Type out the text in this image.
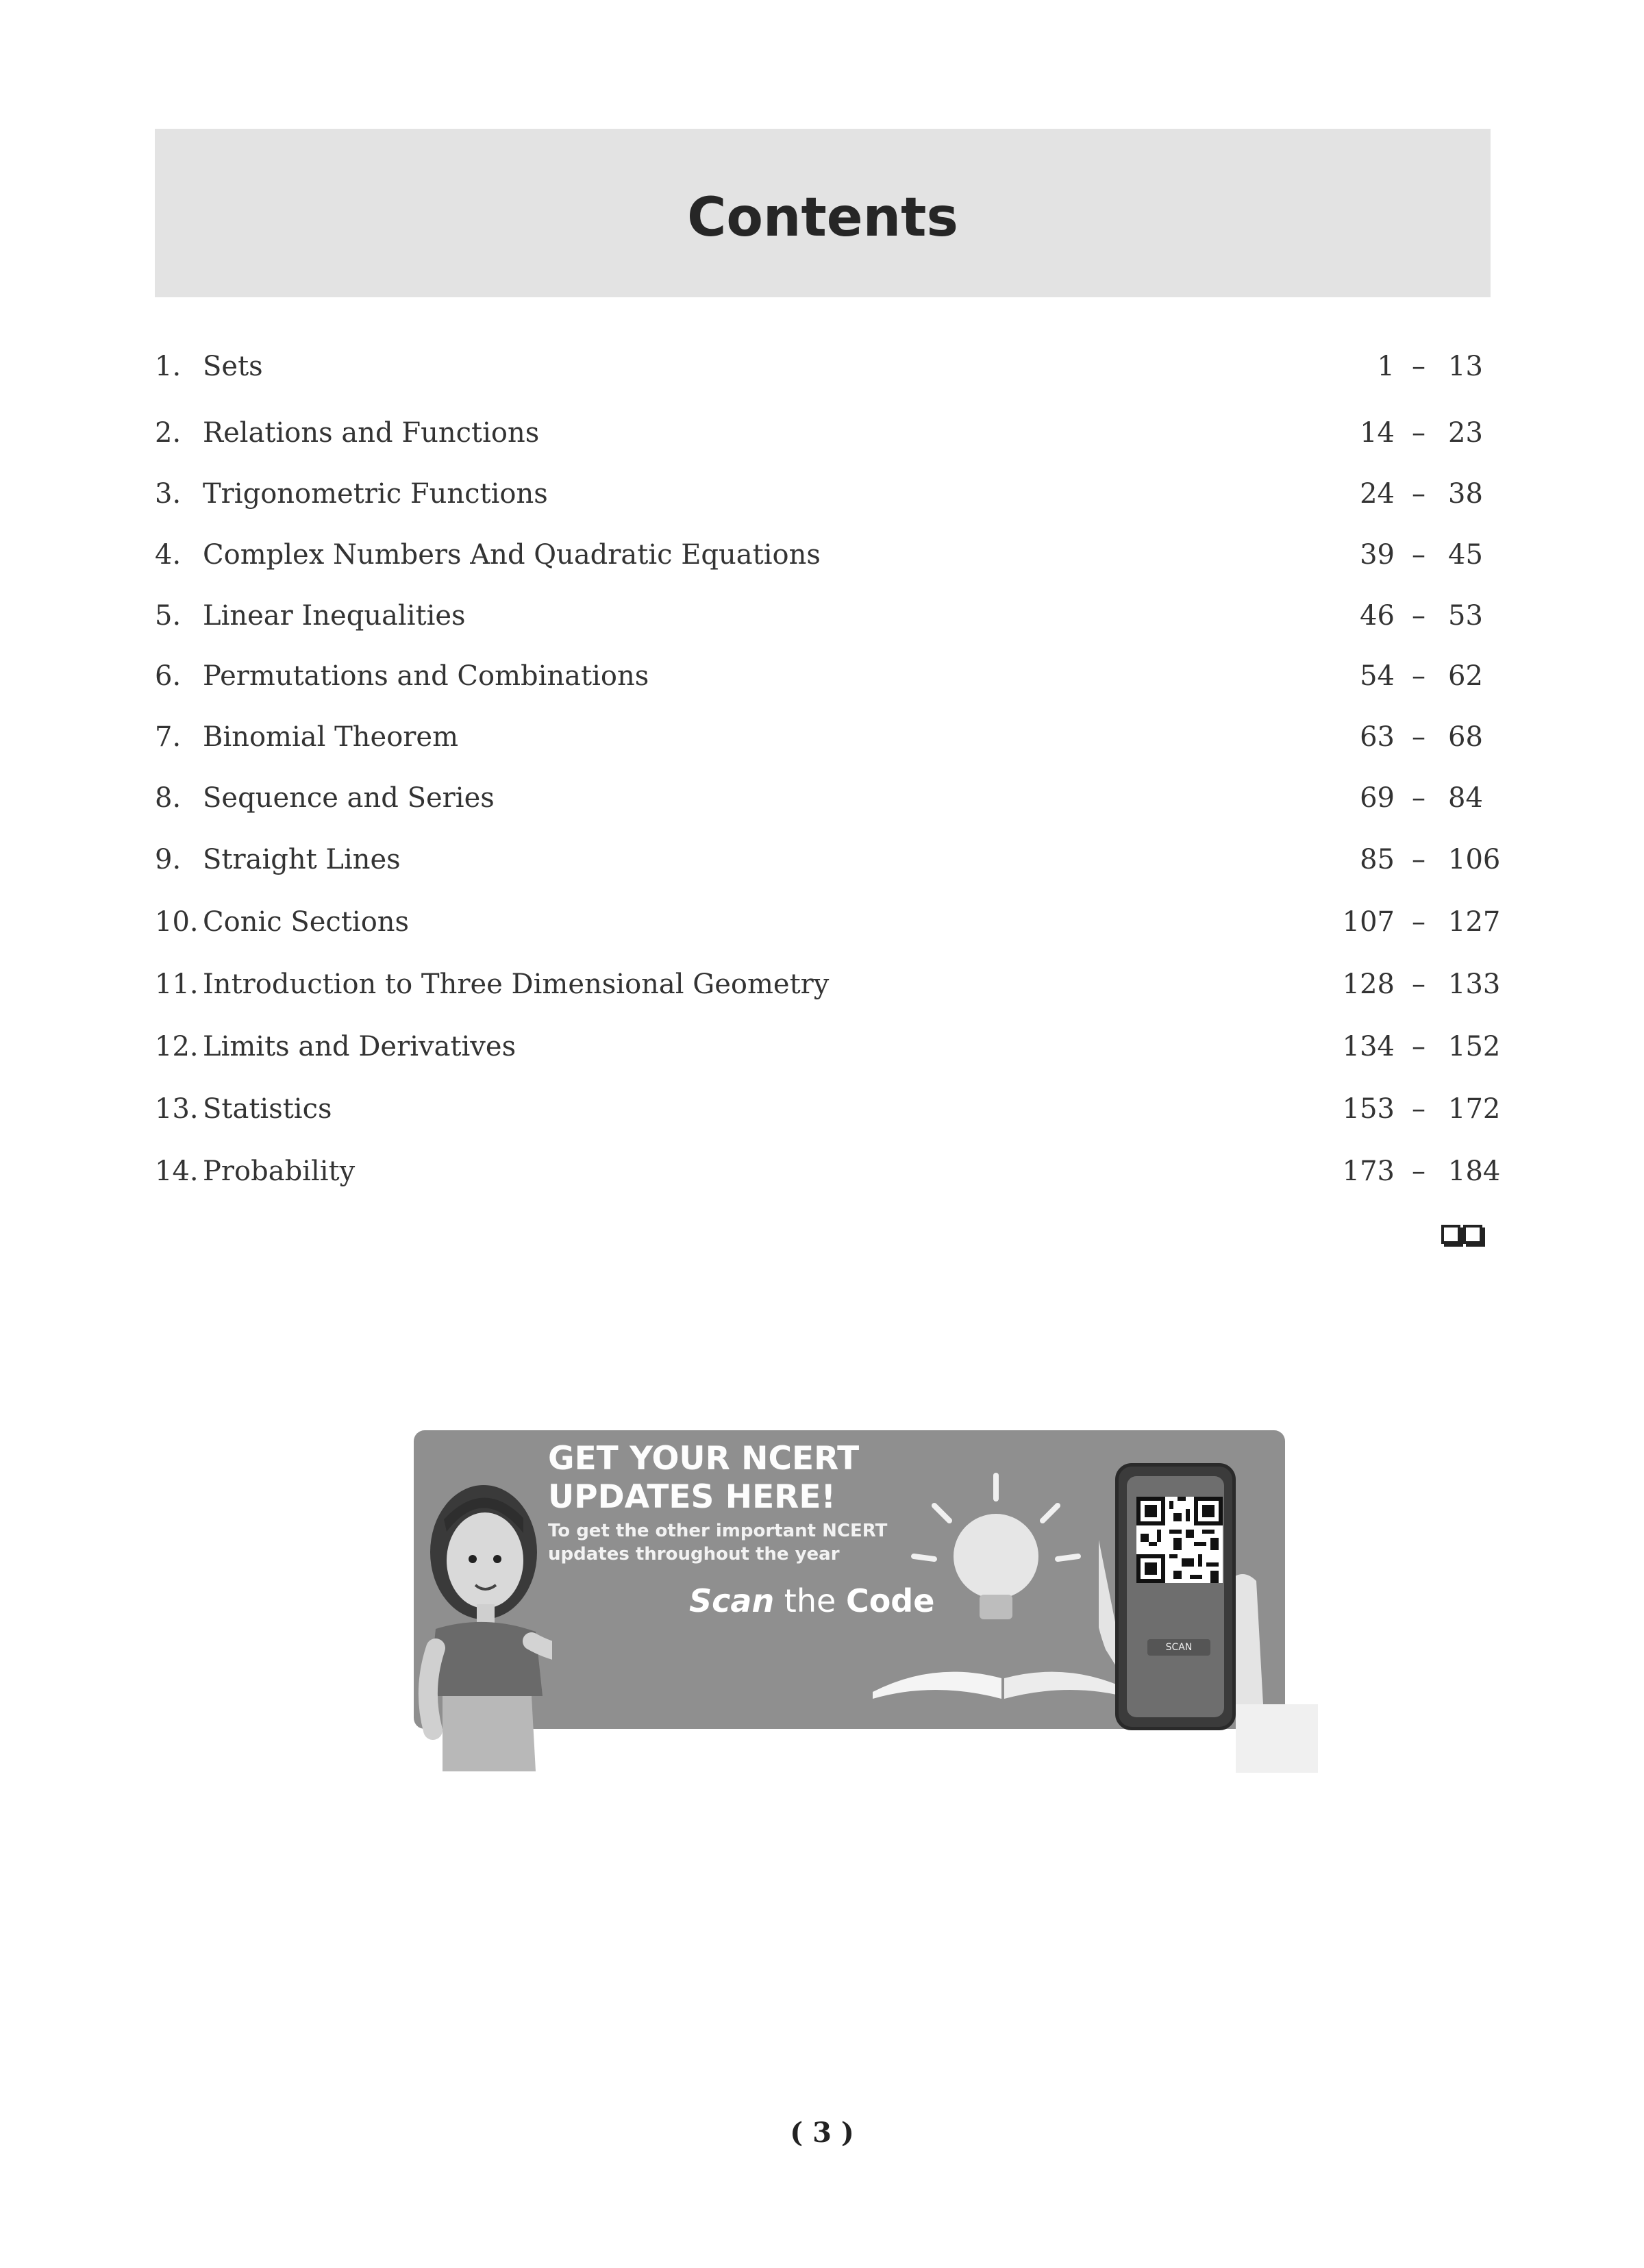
Contents
1. Sets	1 – 13
2. Relations and Functions	14 – 23
3. Trigonometric Functions	24 – 38
4. Complex Numbers And Quadratic Equations	39 – 45
5. Linear Inequalities	46 – 53
6. Permutations and Combinations	54 – 62
7. Binomial Theorem	63 – 68
8. Sequence and Series	69 – 84
9. Straight Lines	85 – 106
10. Conic Sections	107 – 127
11. Introduction to Three Dimensional Geometry	128 – 133
12. Limits and Derivatives	134 – 152
13. Statistics	153 – 172
14. Probability	173 – 184
GET YOUR NCERT
UPDATES HERE!
To get the other important NCERT
updates throughout the year
Scan the Code
SCAN
( 3 )
